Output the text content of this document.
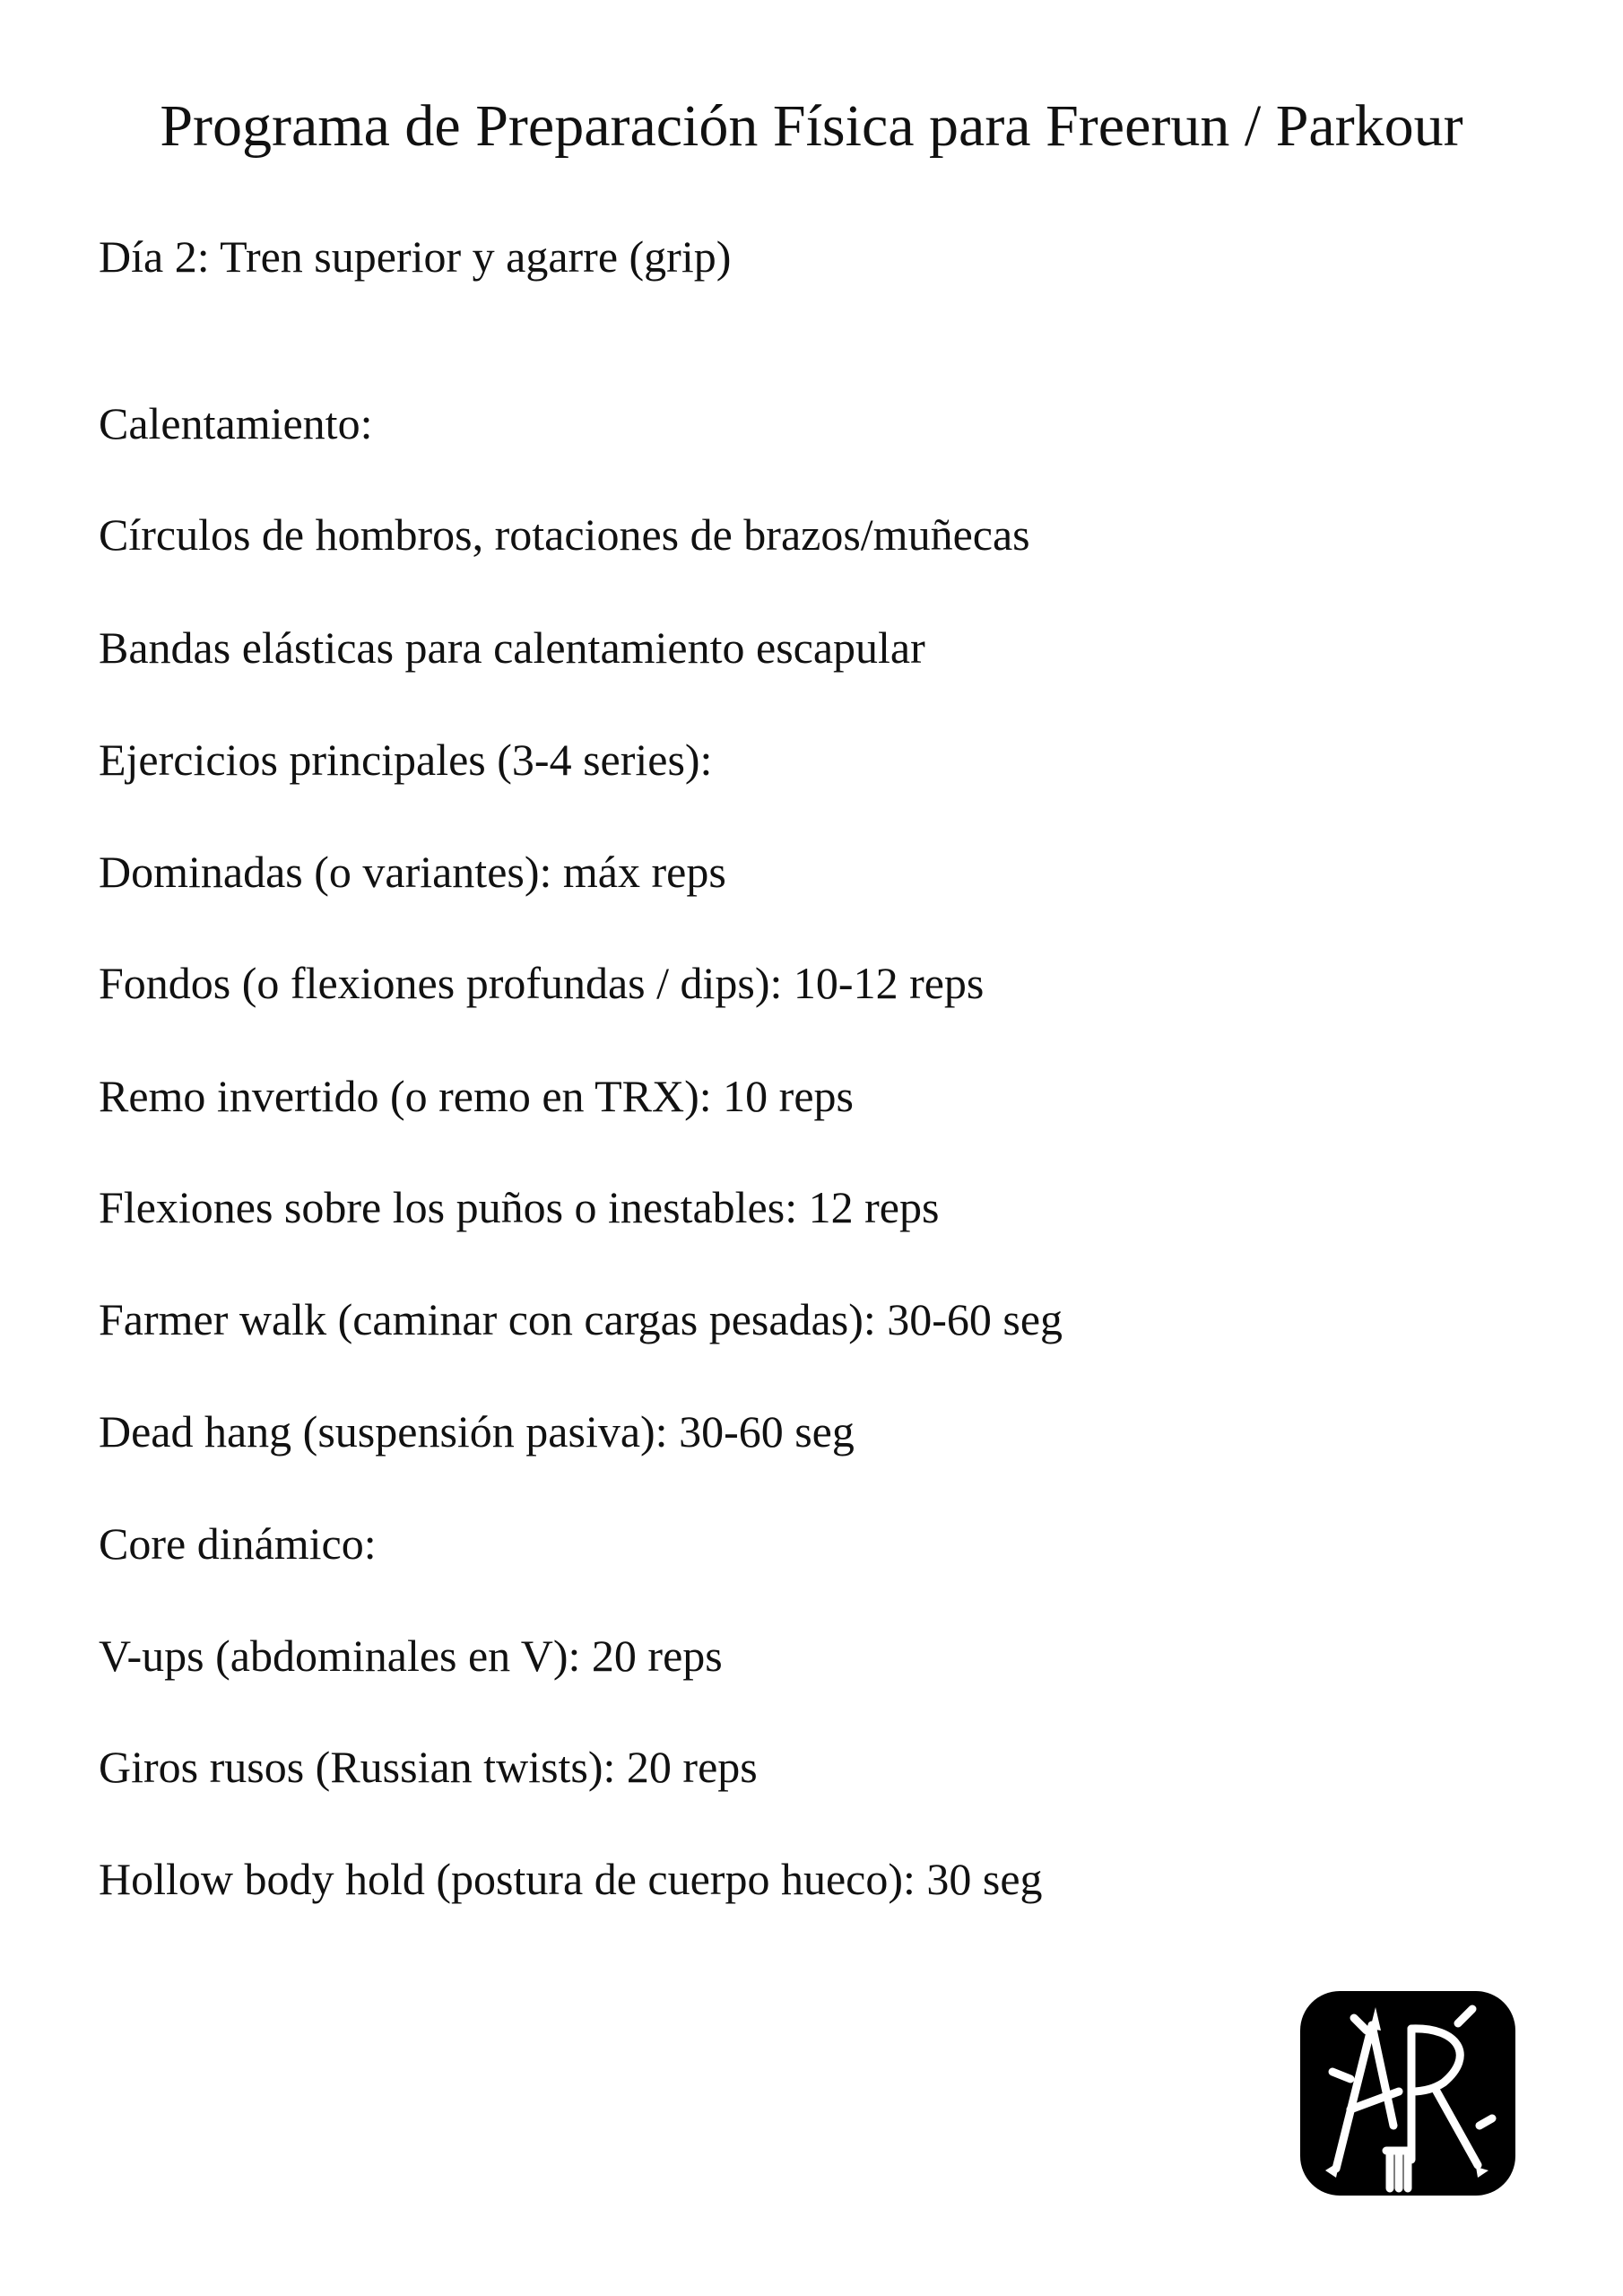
Programa de Preparación Física para Freerun / Parkour
Día 2: Tren superior y agarre (grip)
Calentamiento:
Círculos de hombros, rotaciones de brazos/muñecas
Bandas elásticas para calentamiento escapular
Ejercicios principales (3-4 series):
Dominadas (o variantes): máx reps
Fondos (o flexiones profundas / dips): 10-12 reps
Remo invertido (o remo en TRX): 10 reps
Flexiones sobre los puños o inestables: 12 reps
Farmer walk (caminar con cargas pesadas): 30-60 seg
Dead hang (suspensión pasiva): 30-60 seg
Core dinámico:
V-ups (abdominales en V): 20 reps
Giros rusos (Russian twists): 20 reps
Hollow body hold (postura de cuerpo hueco): 30 seg
